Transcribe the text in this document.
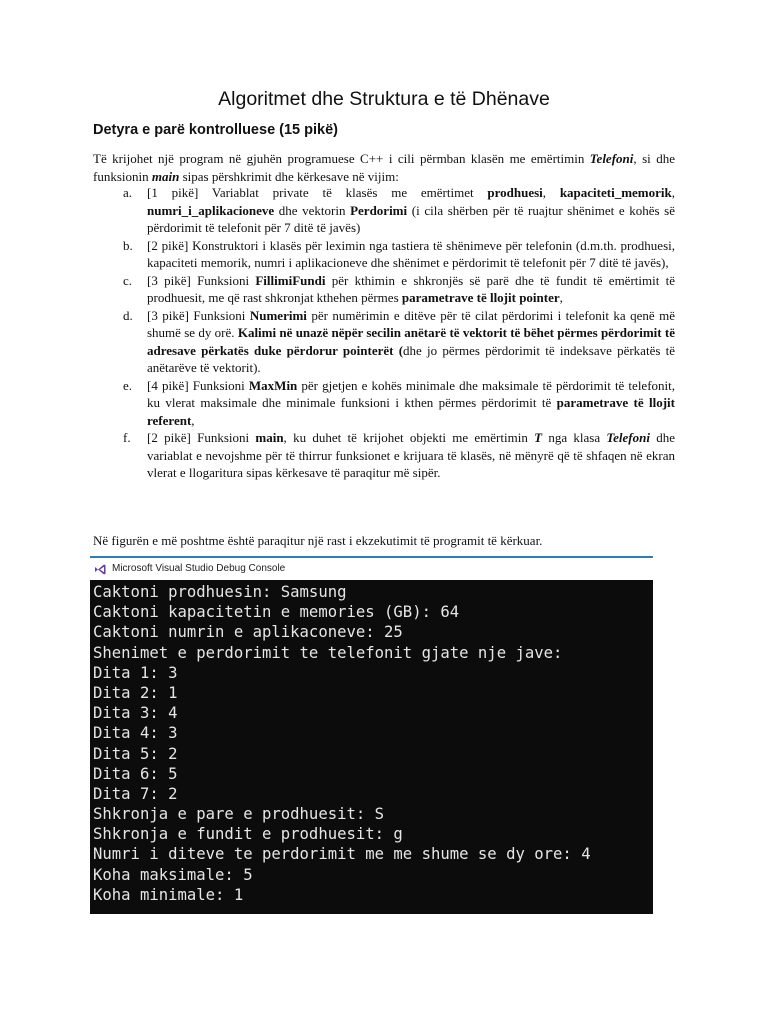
Algoritmet dhe Struktura e të Dhënave
Detyra e parë kontrolluese (15 pikë)

Të krijohet një program në gjuhën programuese C++ i cili përmban klasën me emërtimin Telefoni, si dhe funksionin main sipas përshkrimit dhe kërkesave në vijim:

a. [1 pikë] Variablat private të klasës me emërtimet prodhuesi, kapaciteti_memorik, numri_i_aplikacioneve dhe vektorin Perdorimi (i cila shërben për të ruajtur shënimet e kohës së përdorimit të telefonit për 7 ditë të javës)
b. [2 pikë] Konstruktori i klasës për leximin nga tastiera të shënimeve për telefonin (d.m.th. prodhuesi, kapaciteti memorik, numri i aplikacioneve dhe shënimet e përdorimit të telefonit për 7 ditë të javës),
c. [3 pikë] Funksioni FillimiFundi për kthimin e shkronjës së parë dhe të fundit të emërtimit të prodhuesit, me që rast shkronjat kthehen përmes parametrave të llojit pointer,
d. [3 pikë] Funksioni Numerimi për numërimin e ditëve për të cilat përdorimi i telefonit ka qenë më shumë se dy orë. Kalimi në unazë nëpër secilin anëtarë të vektorit të bëhet përmes përdorimit të adresave përkatës duke përdorur pointerët (dhe jo përmes përdorimit të indeksave përkatës të anëtarëve të vektorit).
e. [4 pikë] Funksioni MaxMin për gjetjen e kohës minimale dhe maksimale të përdorimit të telefonit, ku vlerat maksimale dhe minimale funksioni i kthen përmes përdorimit të parametrave të llojit referent,
f. [2 pikë] Funksioni main, ku duhet të krijohet objekti me emërtimin T nga klasa Telefoni dhe variablat e nevojshme për të thirrur funksionet e krijuara të klasës, në mënyrë që të shfaqen në ekran vlerat e llogaritura sipas kërkesave të paraqitur më sipër.

Në figurën e më poshtme është paraqitur një rast i ekzekutimit të programit të kërkuar.

Microsoft Visual Studio Debug Console
Caktoni prodhuesin: Samsung
Caktoni kapacitetin e memories (GB): 64
Caktoni numrin e aplikaconeve: 25
Shenimet e perdorimit te telefonit gjate nje jave:
Dita 1: 3
Dita 2: 1
Dita 3: 4
Dita 4: 3
Dita 5: 2
Dita 6: 5
Dita 7: 2
Shkronja e pare e prodhuesit: S
Shkronja e fundit e prodhuesit: g
Numri i diteve te perdorimit me me shume se dy ore: 4
Koha maksimale: 5
Koha minimale: 1
